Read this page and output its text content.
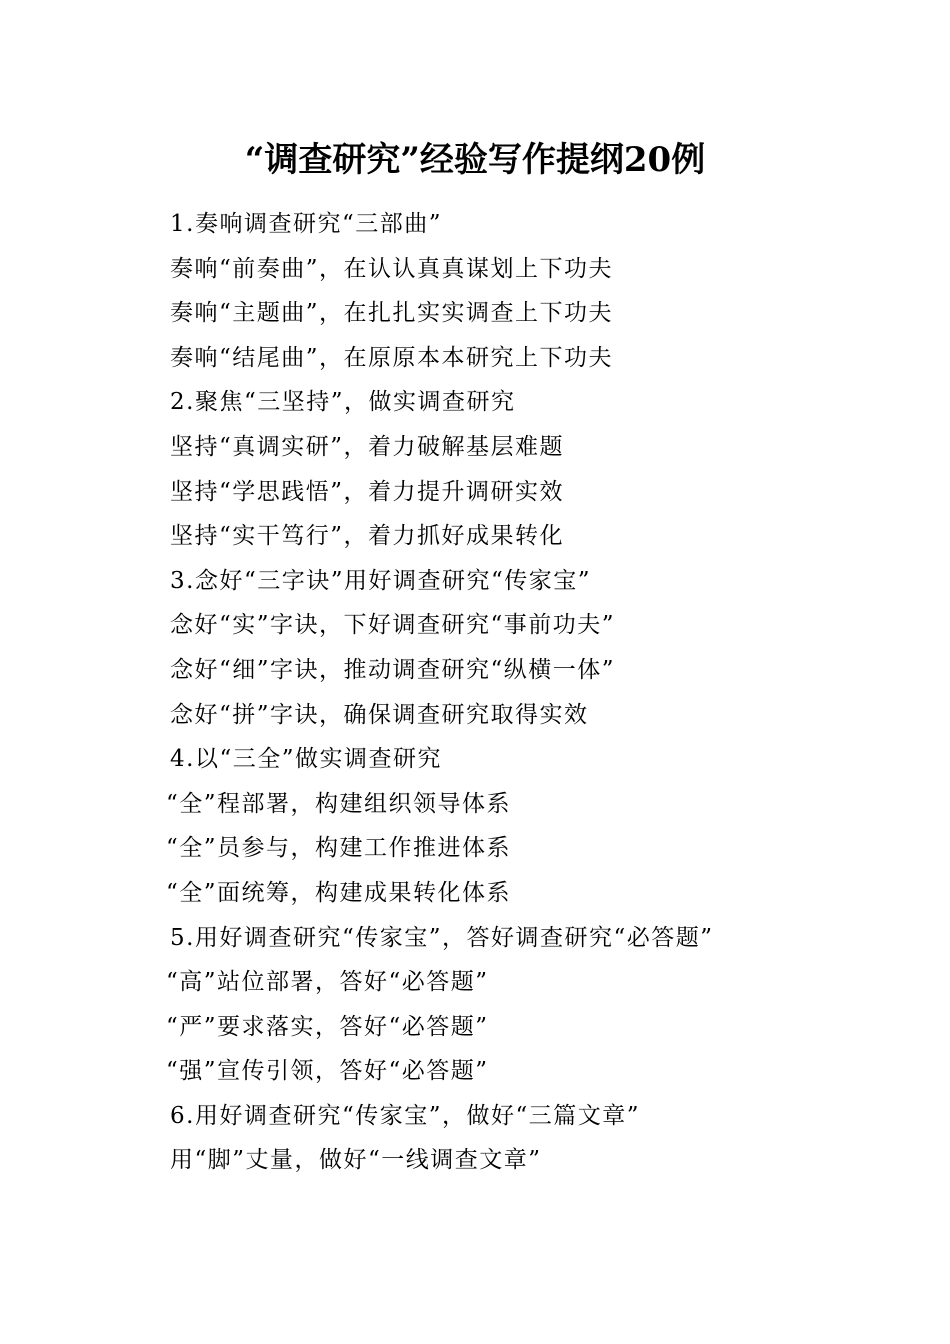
“调查研究”经验写作提纲20例
1.奏响调查研究“三部曲”
奏响“前奏曲”，在认认真真谋划上下功夫
奏响“主题曲”，在扎扎实实调查上下功夫
奏响“结尾曲”，在原原本本研究上下功夫
2.聚焦“三坚持”，做实调查研究
坚持“真调实研”，着力破解基层难题
坚持“学思践悟”，着力提升调研实效
坚持“实干笃行”，着力抓好成果转化
3.念好“三字诀”用好调查研究“传家宝”
念好“实”字诀，下好调查研究“事前功夫”
念好“细”字诀，推动调查研究“纵横一体”
念好“拼”字诀，确保调查研究取得实效
4.以“三全”做实调查研究
“全”程部署，构建组织领导体系
“全”员参与，构建工作推进体系
“全”面统筹，构建成果转化体系
5.用好调查研究“传家宝”，答好调查研究“必答题”
“高”站位部署，答好“必答题”
“严”要求落实，答好“必答题”
“强”宣传引领，答好“必答题”
6.用好调查研究“传家宝”，做好“三篇文章”
用“脚”丈量，做好“一线调查文章”
